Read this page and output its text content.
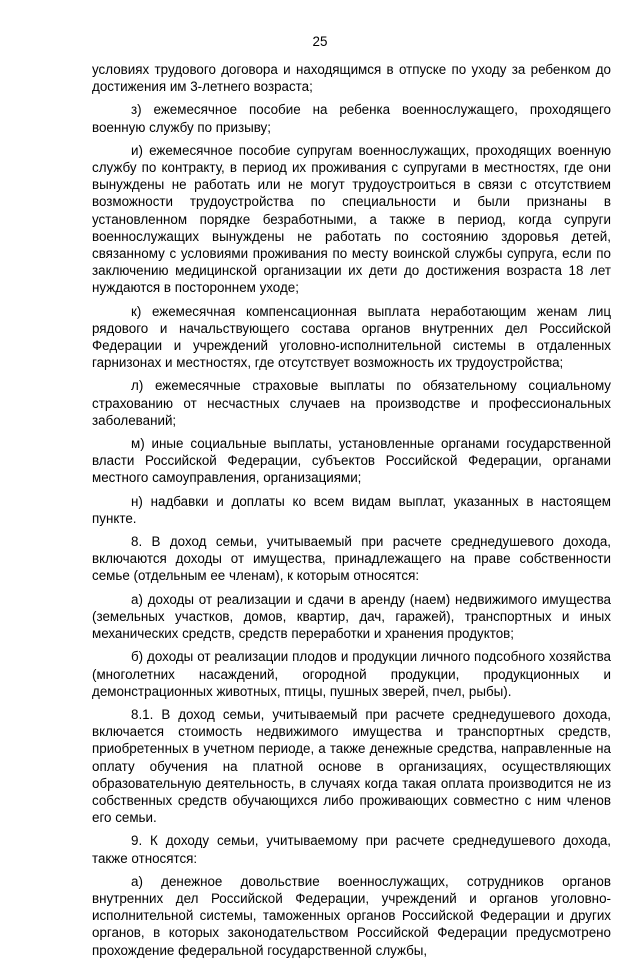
25

условиях трудового договора и находящимся в отпуске по уходу за ребенком до достижения им 3-летнего возраста;

з) ежемесячное пособие на ребенка военнослужащего, проходящего военную службу по призыву;

и) ежемесячное пособие супругам военнослужащих, проходящих военную службу по контракту, в период их проживания с супругами в местностях, где они вынуждены не работать или не могут трудоустроиться в связи с отсутствием возможности трудоустройства по специальности и были признаны в установленном порядке безработными, а также в период, когда супруги военнослужащих вынуждены не работать по состоянию здоровья детей, связанному с условиями проживания по месту воинской службы супруга, если по заключению медицинской организации их дети до достижения возраста 18 лет нуждаются в постороннем уходе;

к) ежемесячная компенсационная выплата неработающим женам лиц рядового и начальствующего состава органов внутренних дел Российской Федерации и учреждений уголовно-исполнительной системы в отдаленных гарнизонах и местностях, где отсутствует возможность их трудоустройства;

л) ежемесячные страховые выплаты по обязательному социальному страхованию от несчастных случаев на производстве и профессиональных заболеваний;

м) иные социальные выплаты, установленные органами государственной власти Российской Федерации, субъектов Российской Федерации, органами местного самоуправления, организациями;

н) надбавки и доплаты ко всем видам выплат, указанных в настоящем пункте.

8. В доход семьи, учитываемый при расчете среднедушевого дохода, включаются доходы от имущества, принадлежащего на праве собственности семье (отдельным ее членам), к которым относятся:

а) доходы от реализации и сдачи в аренду (наем) недвижимого имущества (земельных участков, домов, квартир, дач, гаражей), транспортных и иных механических средств, средств переработки и хранения продуктов;

б) доходы от реализации плодов и продукции личного подсобного хозяйства (многолетних насаждений, огородной продукции, продукционных и демонстрационных животных, птицы, пушных зверей, пчел, рыбы).

8.1. В доход семьи, учитываемый при расчете среднедушевого дохода, включается стоимость недвижимого имущества и транспортных средств, приобретенных в учетном периоде, а также денежные средства, направленные на оплату обучения на платной основе в организациях, осуществляющих образовательную деятельность, в случаях когда такая оплата производится не из собственных средств обучающихся либо проживающих совместно с ним членов его семьи.

9. К доходу семьи, учитываемому при расчете среднедушевого дохода, также относятся:

а) денежное довольствие военнослужащих, сотрудников органов внутренних дел Российской Федерации, учреждений и органов уголовно-исполнительной системы, таможенных органов Российской Федерации и других органов, в которых законодательством Российской Федерации предусмотрено прохождение федеральной государственной службы,
